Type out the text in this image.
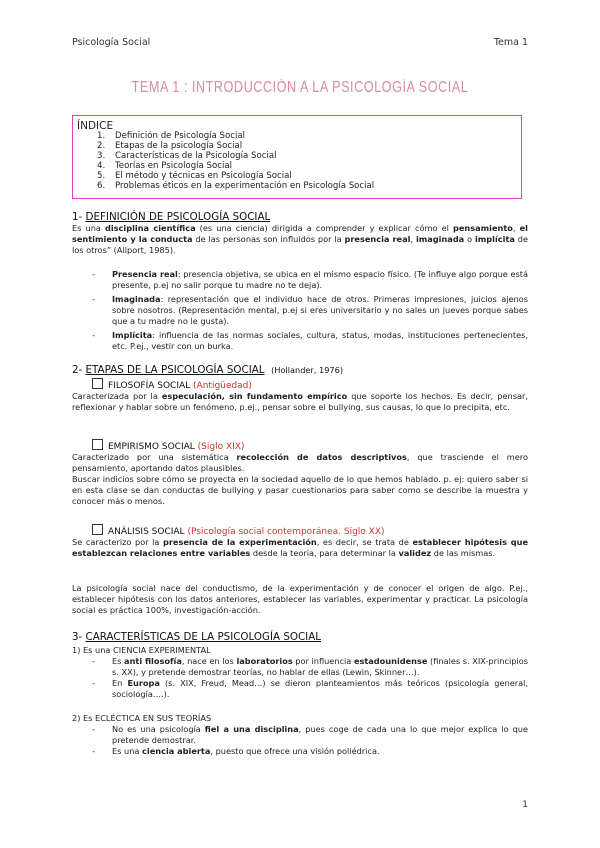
Psicología Social	Tema 1
TEMA 1 : INTRODUCCIÓN A LA PSICOLOGÍA SOCIAL
ÍNDICE
1. Definición de Psicología Social
2. Etapas de la psicología Social
3. Características de la Psicología Social
4. Teorías en Psicología Social
5. El método y técnicas en Psicología Social
6. Problemas éticos en la experimentación en Psicología Social
1- DEFINICIÓN DE PSICOLOGÍA SOCIAL
Es una disciplina científica (es una ciencia) dirigida a comprender y explicar cómo el pensamiento, el sentimiento y la conducta de las personas son influidos por la presencia real, imaginada o implícita de los otros” (Allport, 1985).
- Presencia real: presencia objetiva, se ubica en el mismo espacio físico. (Te influye algo porque está presente, p.ej no salir porque tu madre no te deja).
- Imaginada: representación que el individuo hace de otros. Primeras impresiones, juicios ajenos sobre nosotros. (Representación mental, p.ej si eres universitario y no sales un jueves porque sabes que a tu madre no le gusta).
- Implícita: influencia de las normas sociales, cultura, status, modas, instituciones pertenecientes, etc. P.ej., vestir con un burka.
2- ETAPAS DE LA PSICOLOGÍA SOCIAL (Hollander, 1976)
FILOSOFÍA SOCIAL (Antigüedad)
Caracterizada por la especulación, sin fundamento empírico que soporte los hechos. Es decir, pensar, reflexionar y hablar sobre un fenómeno, p.ej., pensar sobre el bullying, sus causas, lo que lo precipita, etc.
EMPIRISMO SOCIAL (Siglo XIX)
Caracterizado por una sistemática recolección de datos descriptivos, que trasciende el mero pensamiento, aportando datos plausibles.
Buscar indicios sobre cómo se proyecta en la sociedad aquello de lo que hemos hablado. p. ej: quiero saber si en esta clase se dan conductas de bullying y pasar cuestionarios para saber como se describe la muestra y conocer más o menos.
ANÁLISIS SOCIAL (Psicología social contemporánea. Siglo XX)
Se caracterizo por la presencia de la experimentación, es decir, se trata de establecer hipótesis que establezcan relaciones entre variables desde la teoría, para determinar la validez de las mismas.
La psicología social nace del conductismo, de la experimentación y de conocer el origen de algo. P.ej., establecer hipótesis con los datos anteriores, establecer las variables, experimentar y practicar. La psicología social es práctica 100%, investigación-acción.
3- CARACTERÍSTICAS DE LA PSICOLOGÍA SOCIAL
1) Es una CIENCIA EXPERIMENTAL
- Es anti filosofía, nace en los laboratorios por influencia estadounidense (finales s. XIX-principios s. XX), y pretende demostrar teorías, no hablar de ellas (Lewin, Skinner…).
- En Europa (s. XIX, Freud, Mead…) se dieron planteamientos más teóricos (psicología general, sociología….).
2) Es ECLÉCTICA EN SUS TEORÍAS
- No es una psicología fiel a una disciplina, pues coge de cada una lo que mejor explica lo que pretende demostrar.
- Es una ciencia abierta, puesto que ofrece una visión poliédrica.
1
